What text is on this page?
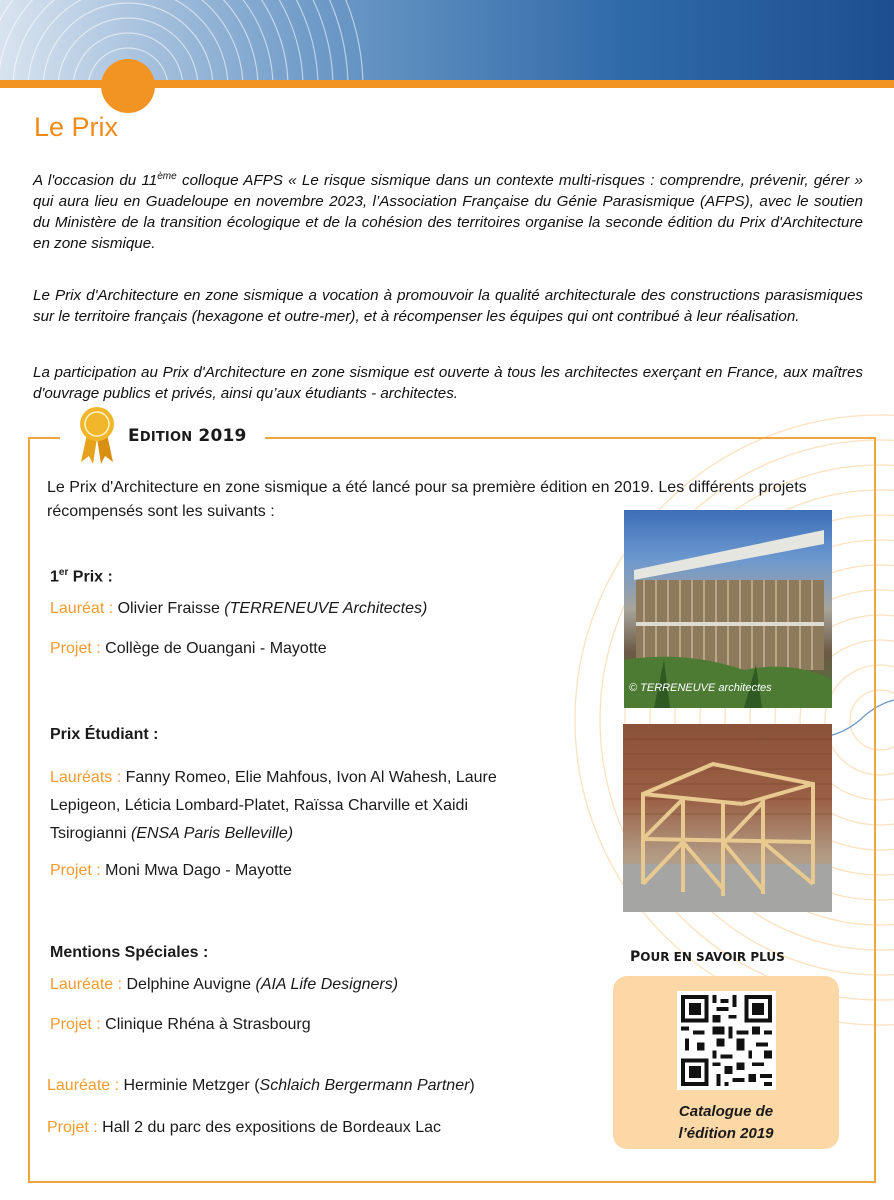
Le Prix

A l'occasion du 11ème colloque AFPS « Le risque sismique dans un contexte multi-risques : comprendre, prévenir, gérer » qui aura lieu en Guadeloupe en novembre 2023, l’Association Française du Génie Parasismique (AFPS), avec le soutien du Ministère de la transition écologique et de la cohésion des territoires organise la seconde édition du Prix d'Architecture en zone sismique.

Le Prix d'Architecture en zone sismique a vocation à promouvoir la qualité architecturale des constructions parasismiques sur le territoire français (hexagone et outre-mer), et à récompenser les équipes qui ont contribué à leur réalisation.

La participation au Prix d'Architecture en zone sismique est ouverte à tous les architectes exerçant en France, aux maîtres d'ouvrage publics et privés, ainsi qu’aux étudiants - architectes.

EDITION 2019
Le Prix d'Architecture en zone sismique a été lancé pour sa première édition en 2019. Les différents projets récompensés sont les suivants :
1er Prix :
Lauréat : Olivier Fraisse (TERRENEUVE Architectes)
Projet : Collège de Ouangani - Mayotte
Prix Étudiant :
Lauréats : Fanny Romeo, Elie Mahfous, Ivon Al Wahesh, Laure
Lepigeon, Léticia Lombard-Platet, Raïssa Charville et Xaidi
Tsirogianni (ENSA Paris Belleville)
Projet : Moni Mwa Dago - Mayotte
Mentions Spéciales :
Lauréate : Delphine Auvigne (AIA Life Designers)
Projet : Clinique Rhéna à Strasbourg
Lauréate : Herminie Metzger (Schlaich Bergermann Partner)
Projet : Hall 2 du parc des expositions de Bordeaux Lac
© TERRENEUVE architectes
POUR EN SAVOIR PLUS
Catalogue de
l’édition 2019
